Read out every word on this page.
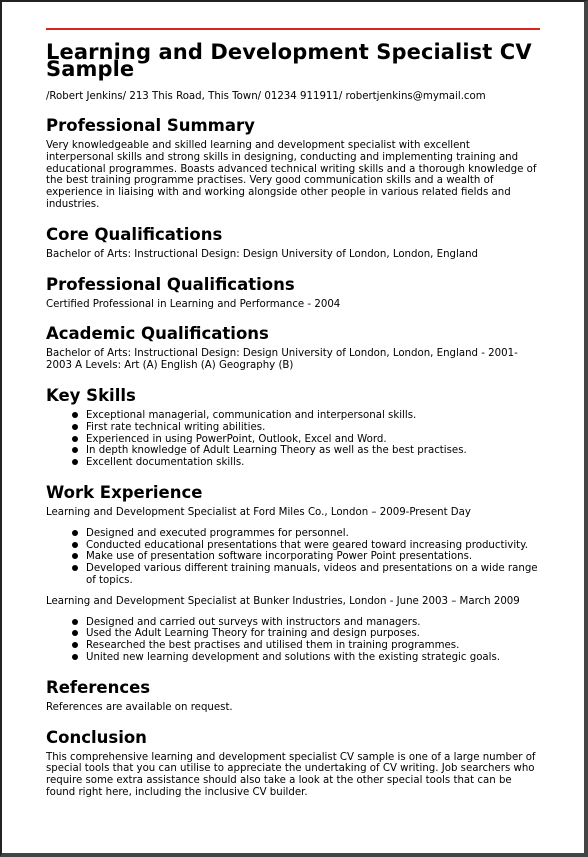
Learning and Development Specialist CV Sample
/Robert Jenkins/ 213 This Road, This Town/ 01234 911911/ robertjenkins@mymail.com
Professional Summary

Very knowledgeable and skilled learning and development specialist with excellent interpersonal skills and strong skills in designing, conducting and implementing training and educational programmes. Boasts advanced technical writing skills and a thorough knowledge of the best training programme practises. Very good communication skills and a wealth of experience in liaising with and working alongside other people in various related fields and industries.

Core Qualifications

Bachelor of Arts: Instructional Design: Design University of London, London, England

Professional Qualifications

Certified Professional in Learning and Performance - 2004

Academic Qualifications

Bachelor of Arts: Instructional Design: Design University of London, London, England - 2001-2003 A Levels: Art (A) English (A) Geography (B)

Key Skills
Exceptional managerial, communication and interpersonal skills.
First rate technical writing abilities.
Experienced in using PowerPoint, Outlook, Excel and Word.
In depth knowledge of Adult Learning Theory as well as the best practises.
Excellent documentation skills.
Work Experience

Learning and Development Specialist at Ford Miles Co., London – 2009-Present Day

Designed and executed programmes for personnel.
Conducted educational presentations that were geared toward increasing productivity.
Make use of presentation software incorporating Power Point presentations.
Developed various different training manuals, videos and presentations on a wide range of topics.

Learning and Development Specialist at Bunker Industries, London - June 2003 – March 2009

Designed and carried out surveys with instructors and managers.
Used the Adult Learning Theory for training and design purposes.
Researched the best practises and utilised them in training programmes.
United new learning development and solutions with the existing strategic goals.
References

References are available on request.

Conclusion

This comprehensive learning and development specialist CV sample is one of a large number of special tools that you can utilise to appreciate the undertaking of CV writing. Job searchers who require some extra assistance should also take a look at the other special tools that can be found right here, including the inclusive CV builder.
